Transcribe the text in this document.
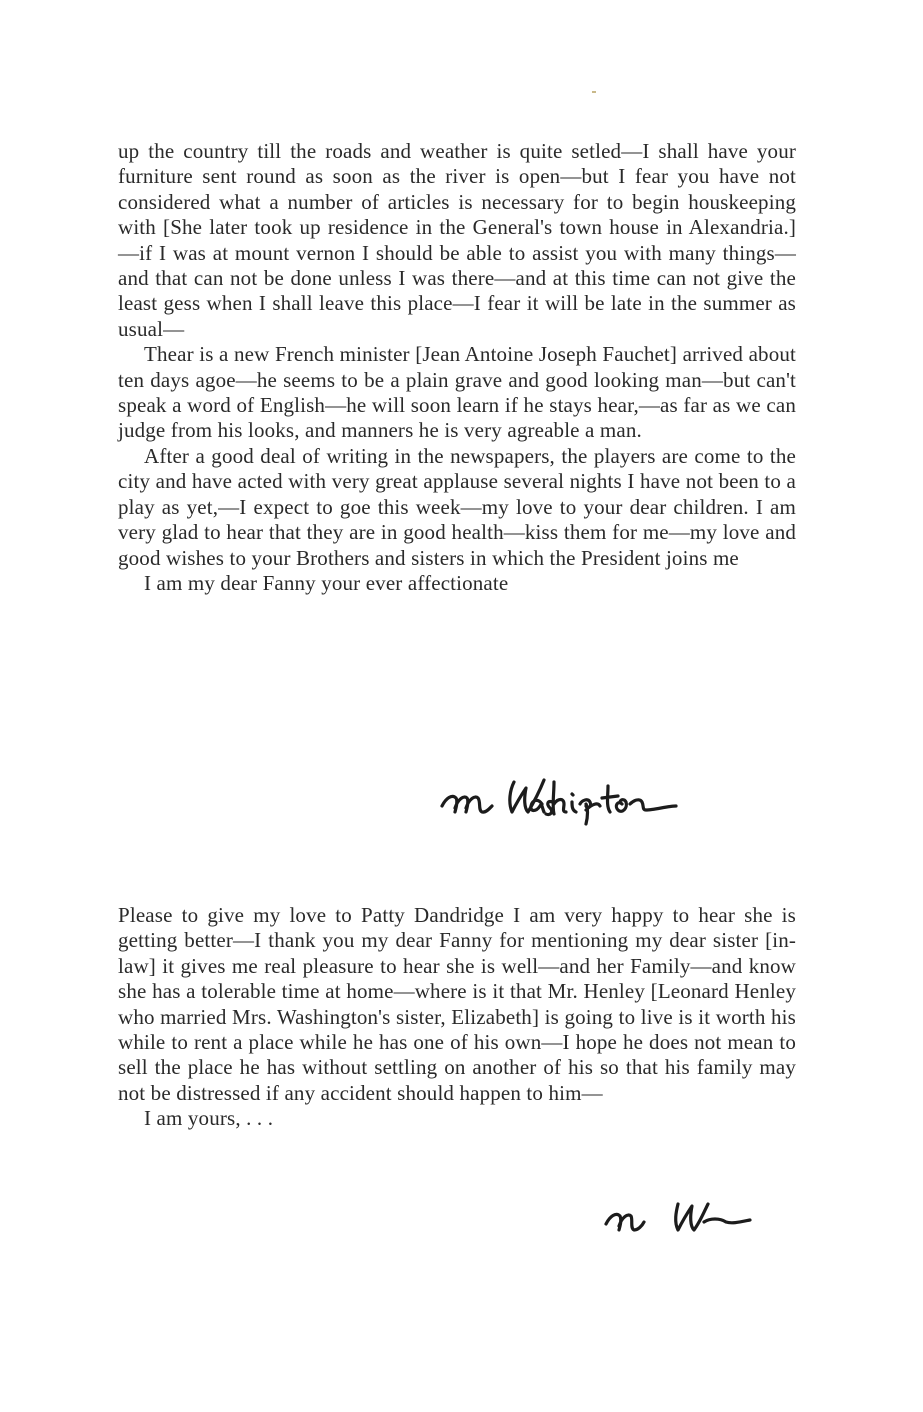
up the country till the roads and weather is quite setled—I shall have your furniture sent round as soon as the river is open—but I fear you have not considered what a number of articles is necessary for to begin houskeeping with [She later took up residence in the General's town house in Alexandria.]—if I was at mount vernon I should be able to assist you with many things—and that can not be done unless I was there—and at this time can not give the least gess when I shall leave this place—I fear it will be late in the summer as usual—

Thear is a new French minister [Jean Antoine Joseph Fauchet] arrived about ten days agoe—he seems to be a plain grave and good looking man—but can't speak a word of English—he will soon learn if he stays hear,—as far as we can judge from his looks, and manners he is very agreable a man.

After a good deal of writing in the newspapers, the players are come to the city and have acted with very great applause several nights I have not been to a play as yet,—I expect to goe this week—my love to your dear children. I am very glad to hear that they are in good health—kiss them for me—my love and good wishes to your Brothers and sisters in which the President joins me

I am my dear Fanny your ever affectionate

Please to give my love to Patty Dandridge I am very happy to hear she is getting better—I thank you my dear Fanny for mentioning my dear sister [in-law] it gives me real pleasure to hear she is well—and her Family—and know she has a tolerable time at home—where is it that Mr. Henley [Leonard Henley who married Mrs. Washington's sister, Elizabeth] is going to live is it worth his while to rent a place while he has one of his own—I hope he does not mean to sell the place he has without settling on another of his so that his family may not be distressed if any accident should happen to him—

I am yours, . . .
